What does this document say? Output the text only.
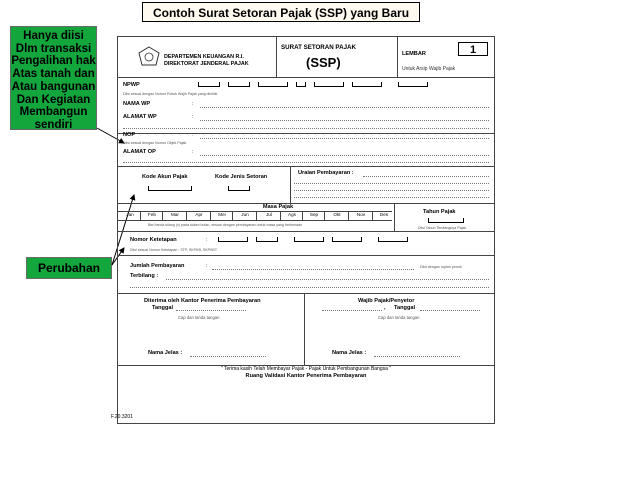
Contoh Surat Setoran Pajak (SSP) yang Baru
Hanya diisi
Dlm transaksi
Pengalihan hak
Atas tanah dan
Atau bangunan
Dan Kegiatan
Membangun
sendiri
Perubahan
DEPARTEMEN KEUANGAN R.I.
DIREKTORAT JENDERAL PAJAK
SURAT SETORAN PAJAK
(SSP)
LEMBAR	1
Untuk Arsip Wajib Pajak
NPWP
Diisi sesuai dengan Nomor Pokok Wajib Pajak yang dimiliki
NAMA WP	:
ALAMAT WP	:
NOP	:
Diisi sesuai dengan Nomor Objek Pajak
ALAMAT OP	:
Kode Akun Pajak	Kode Jenis Setoran
Uraian Pembayaran :
Masa Pajak
Jan	Feb	Mar	Apr	Mei	Jun	Jul	Ags	Sep	Okt	Nov	Des
Beri tanda silang (x) pada kolom bulan, sesuai dengan pembayaran untuk masa yang berkenaan
Tahun Pajak
Diisi Tahun Terutangnya Pajak
Nomor Ketetapan	:
Diisi sesuai Nomor Ketetapan : STP, SKPKB, SKPKBT
Jumlah Pembayaran	:	Diisi dengan rupiah penuh
Terbilang :
Diterima oleh Kantor Penerima Pembayaran
Tanggal
Cap dan tanda tangan
Wajib Pajak/Penyetor
, Tanggal
Cap dan tanda tangan
Nama Jelas :	Nama Jelas :
" Terima kasih Telah Membayar Pajak - Pajak Untuk Pembangunan Bangsa "
Ruang Validasi Kantor Penerima Pembayaran
F.20.3201
